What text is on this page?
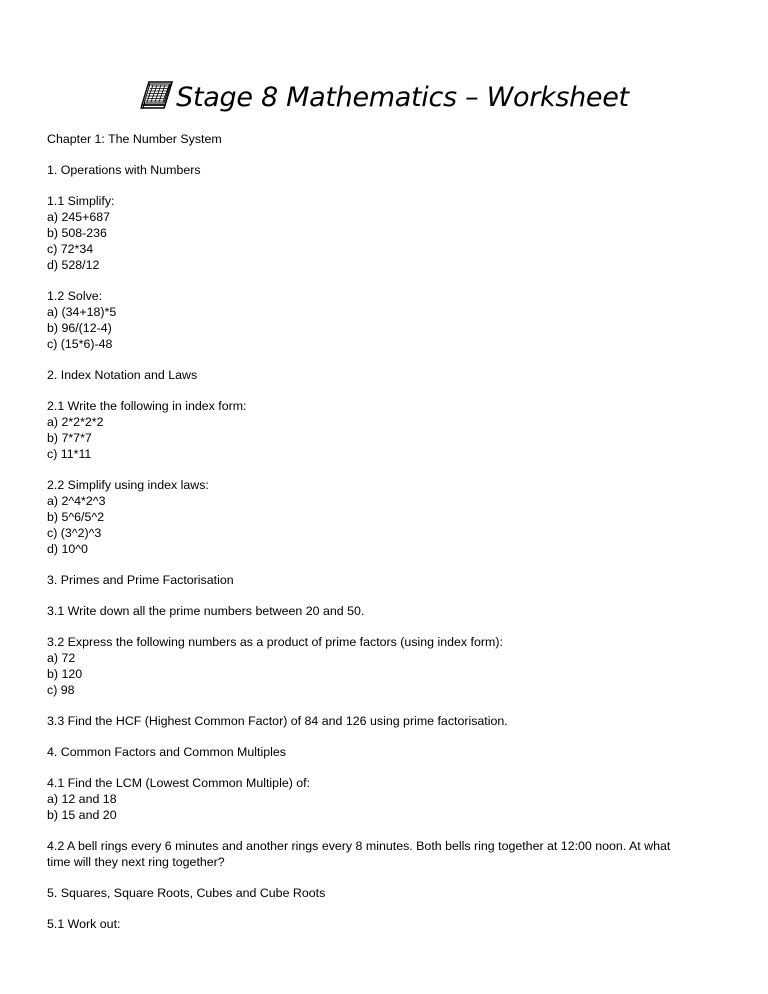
Stage 8 Mathematics – Worksheet
Chapter 1: The Number System
1. Operations with Numbers
1.1 Simplify:
a) 245+687
b) 508-236
c) 72*34
d) 528/12
1.2 Solve:
a) (34+18)*5
b) 96/(12-4)
c) (15*6)-48
2. Index Notation and Laws
2.1 Write the following in index form:
a) 2*2*2*2
b) 7*7*7
c) 11*11
2.2 Simplify using index laws:
a) 2^4*2^3
b) 5^6/5^2
c) (3^2)^3
d) 10^0
3. Primes and Prime Factorisation
3.1 Write down all the prime numbers between 20 and 50.
3.2 Express the following numbers as a product of prime factors (using index form):
a) 72
b) 120
c) 98
3.3 Find the HCF (Highest Common Factor) of 84 and 126 using prime factorisation.
4. Common Factors and Common Multiples
4.1 Find the LCM (Lowest Common Multiple) of:
a) 12 and 18
b) 15 and 20
4.2 A bell rings every 6 minutes and another rings every 8 minutes. Both bells ring together at 12:00 noon. At what
time will they next ring together?
5. Squares, Square Roots, Cubes and Cube Roots
5.1 Work out:
